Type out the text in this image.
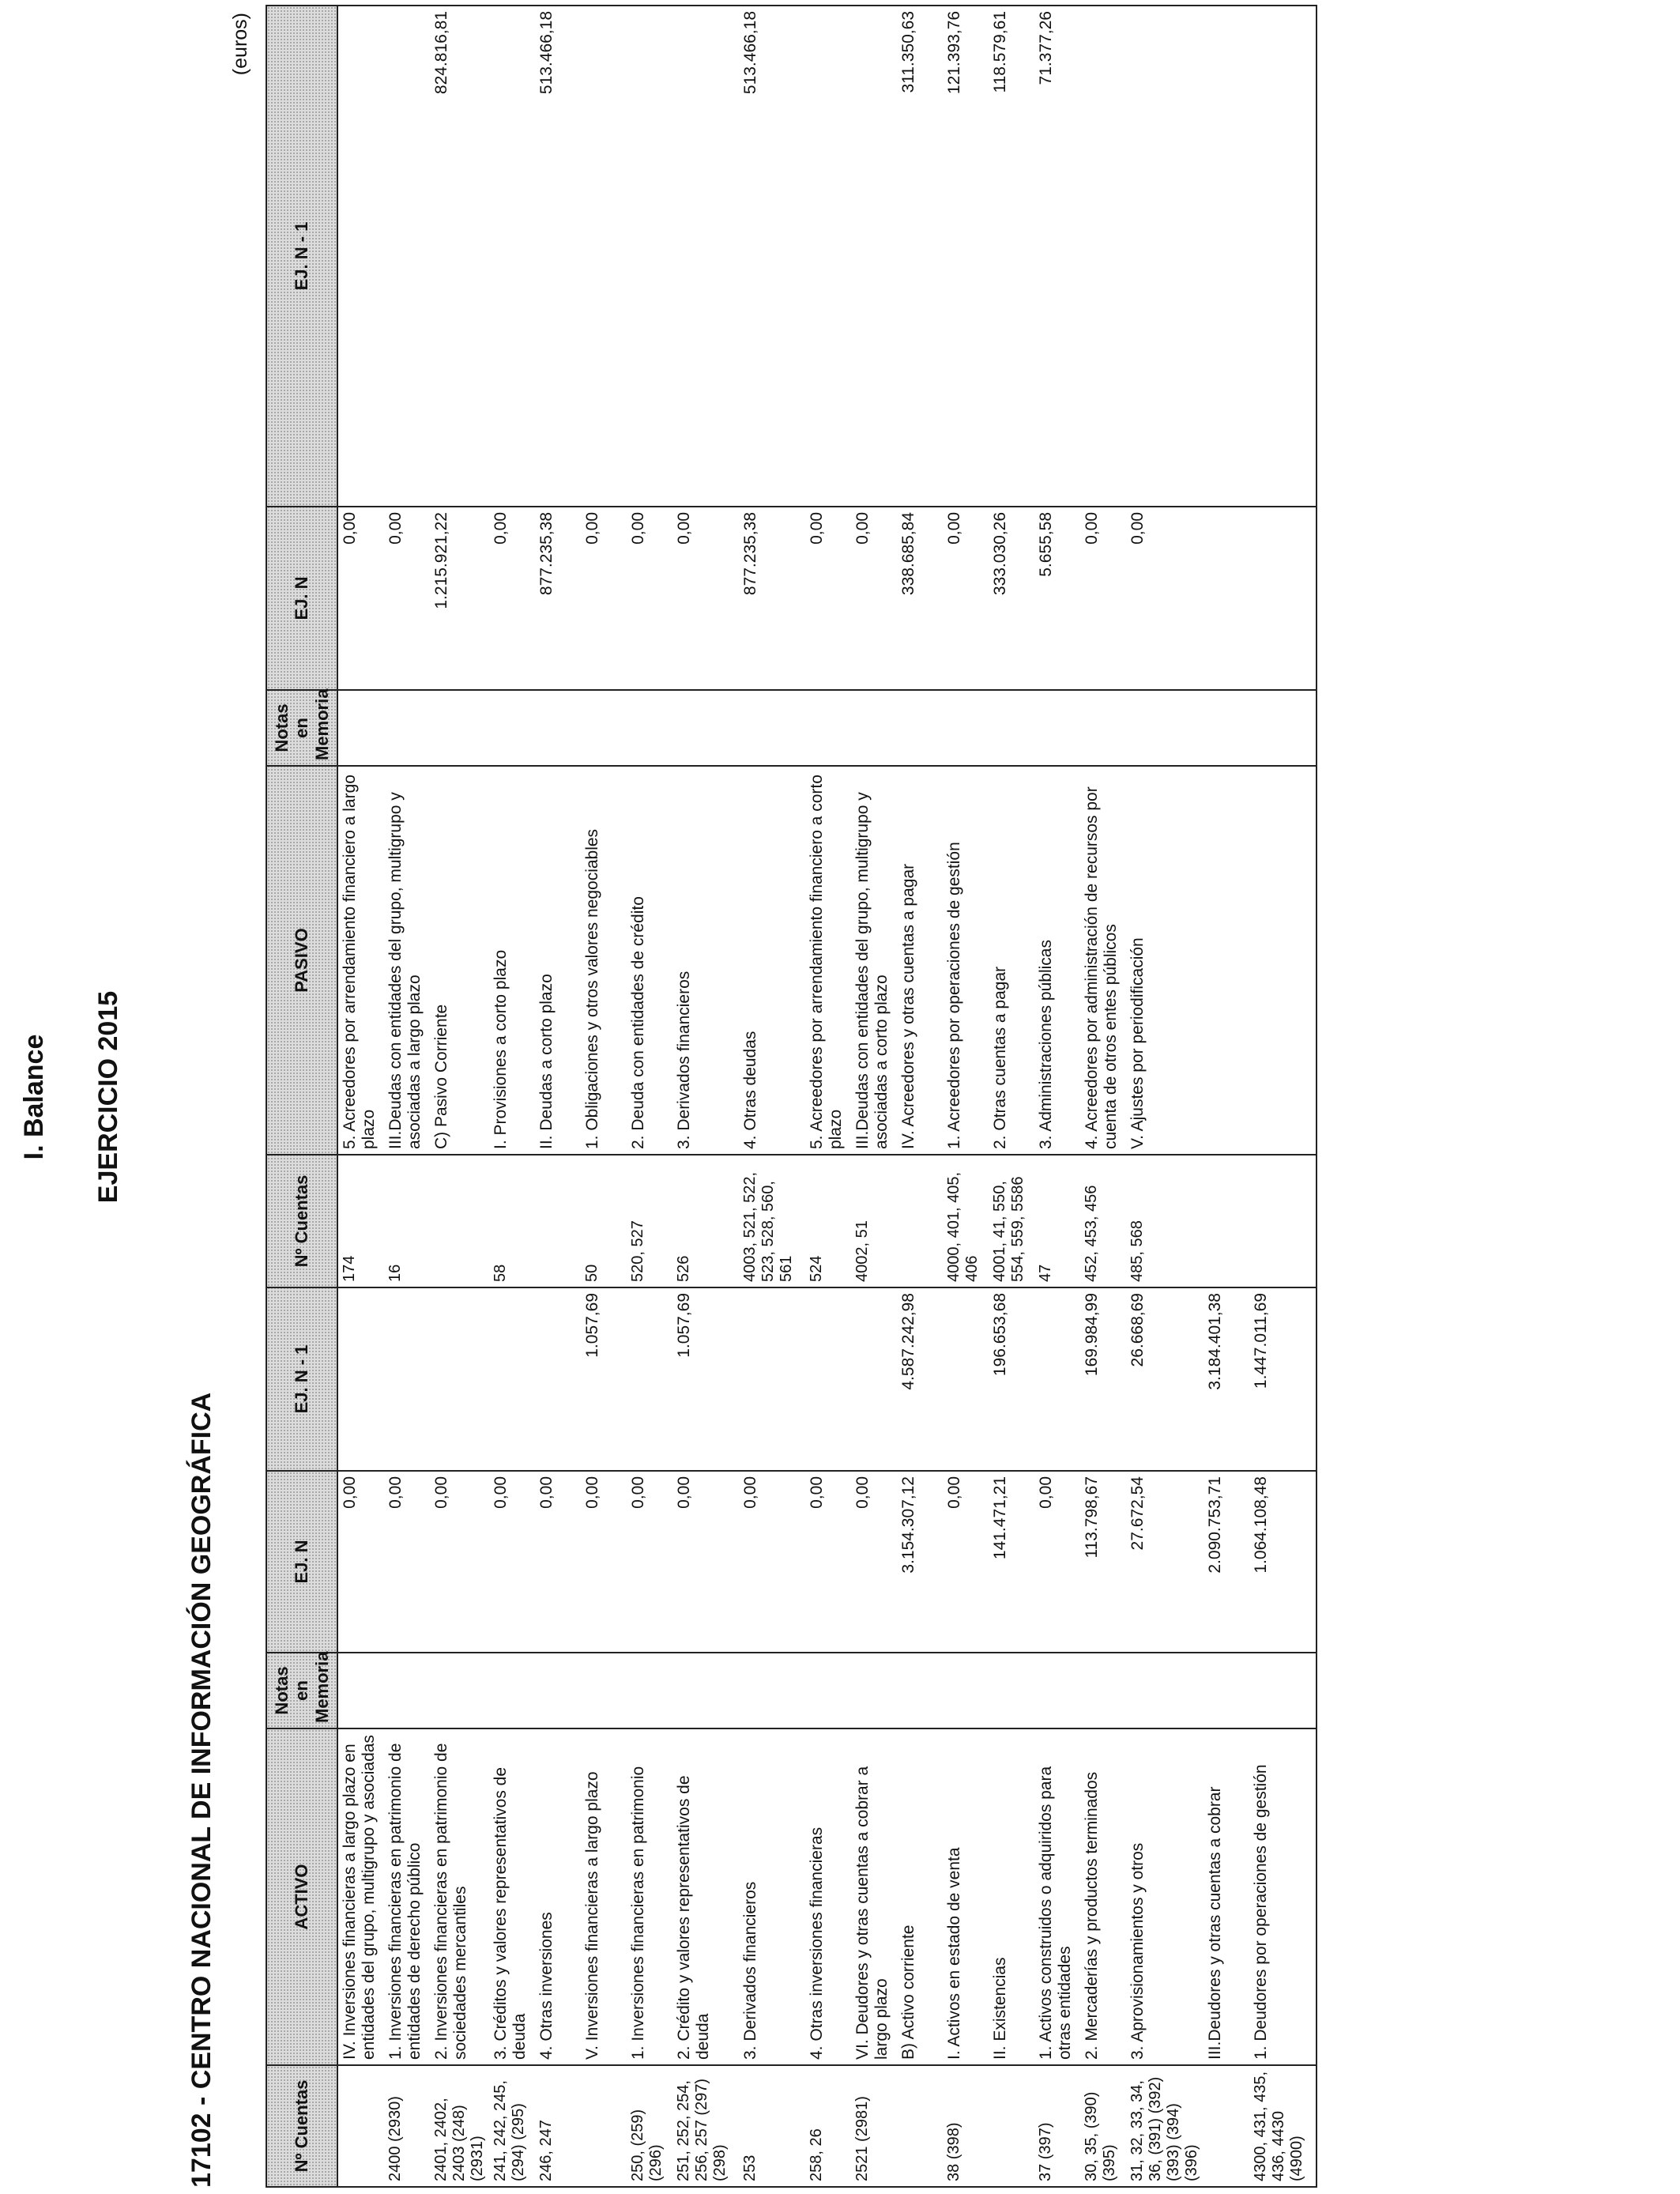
I. Balance EJERCICIO 2015
17102 - CENTRO NACIONAL DE INFORMACIÓN GEOGRÁFICA
(euros)
Nº Cuentas	ACTIVO	Notas en Memoria	EJ. N	EJ. N - 1	Nº Cuentas	PASIVO	Notas en Memoria	EJ. N	EJ. N - 1
	IV. Inversiones financieras a largo plazo en entidades del grupo, multigrupo y asociadas		0,00		174	5. Acreedores por arrendamiento financiero a largo plazo		0,00	
2400 (2930)	1. Inversiones financieras en patrimonio de entidades de derecho público		0,00		16	III.Deudas con entidades del grupo, multigrupo y asociadas a largo plazo		0,00	
2401, 2402, 2403 (248) (2931)	2. Inversiones financieras en patrimonio de sociedades mercantiles		0,00			C) Pasivo Corriente		1.215.921,22	824.816,81
241, 242, 245, (294) (295)	3. Créditos y valores representativos de deuda		0,00		58	I. Provisiones a corto plazo		0,00	
246, 247	4. Otras inversiones		0,00			II. Deudas a corto plazo		877.235,38	513.466,18
	V. Inversiones financieras a largo plazo		0,00	1.057,69	50	1. Obligaciones y otros valores negociables		0,00	
250, (259) (296)	1. Inversiones financieras en patrimonio		0,00		520, 527	2. Deuda con entidades de crédito		0,00	
251, 252, 254, 256, 257 (297) (298)	2. Crédito y valores representativos de deuda		0,00	1.057,69	526	3. Derivados financieros		0,00	
253	3. Derivados financieros		0,00		4003, 521, 522, 523, 528, 560, 561	4. Otras deudas		877.235,38	513.466,18
258, 26	4. Otras inversiones financieras		0,00		524	5. Acreedores por arrendamiento financiero a corto plazo		0,00	
2521 (2981)	VI. Deudores y otras cuentas a cobrar a largo plazo		0,00		4002, 51	III.Deudas con entidades del grupo, multigrupo y asociadas a corto plazo		0,00	
	B) Activo corriente		3.154.307,12	4.587.242,98		IV. Acreedores y otras cuentas a pagar		338.685,84	311.350,63
38 (398)	I. Activos en estado de venta		0,00		4000, 401, 405, 406	1. Acreedores por operaciones de gestión		0,00	121.393,76
	II. Existencias		141.471,21	196.653,68	4001, 41, 550, 554, 559, 5586	2. Otras cuentas a pagar		333.030,26	118.579,61
37 (397)	1. Activos construidos o adquiridos para otras entidades		0,00		47	3. Administraciones públicas		5.655,58	71.377,26
30, 35, (390) (395)	2. Mercaderías y productos terminados		113.798,67	169.984,99	452, 453, 456	4. Acreedores por administración de recursos por cuenta de otros entes públicos		0,00	
31, 32, 33, 34, 36, (391) (392) (393) (394) (396)	3. Aprovisionamientos y otros		27.672,54	26.668,69	485, 568	V. Ajustes por periodificación		0,00	
	III.Deudores y otras cuentas a cobrar		2.090.753,71	3.184.401,38					
4300, 431, 435, 436, 4430 (4900)	1. Deudores por operaciones de gestión		1.064.108,48	1.447.011,69					
